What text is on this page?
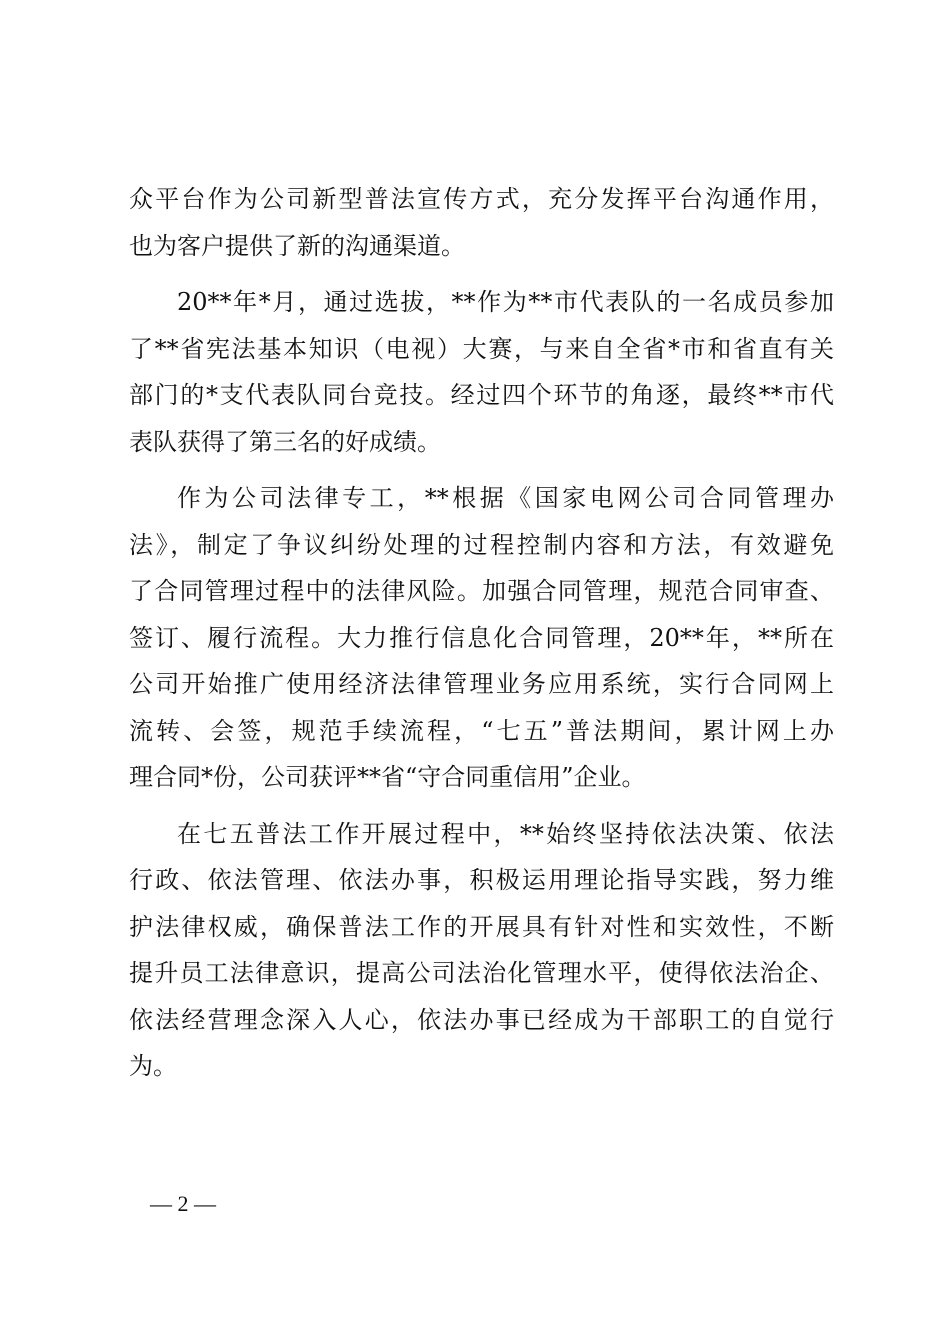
众平台作为公司新型普法宣传方式，充分发挥平台沟通作用，
也为客户提供了新的沟通渠道。
20**年*月，通过选拔，**作为**市代表队的一名成员参加
了**省宪法基本知识（电视）大赛，与来自全省*市和省直有关
部门的*支代表队同台竞技。经过四个环节的角逐，最终**市代
表队获得了第三名的好成绩。
作为公司法律专工，**根据《国家电网公司合同管理办
法》，制定了争议纠纷处理的过程控制内容和方法，有效避免
了合同管理过程中的法律风险。加强合同管理，规范合同审查、
签订、履行流程。大力推行信息化合同管理，20**年，**所在
公司开始推广使用经济法律管理业务应用系统，实行合同网上
流转、会签，规范手续流程，“七五”普法期间，累计网上办
理合同*份，公司获评**省“守合同重信用”企业。
在七五普法工作开展过程中，**始终坚持依法决策、依法
行政、依法管理、依法办事，积极运用理论指导实践，努力维
护法律权威，确保普法工作的开展具有针对性和实效性，不断
提升员工法律意识，提高公司法治化管理水平，使得依法治企、
依法经营理念深入人心，依法办事已经成为干部职工的自觉行
为。
— 2 —
